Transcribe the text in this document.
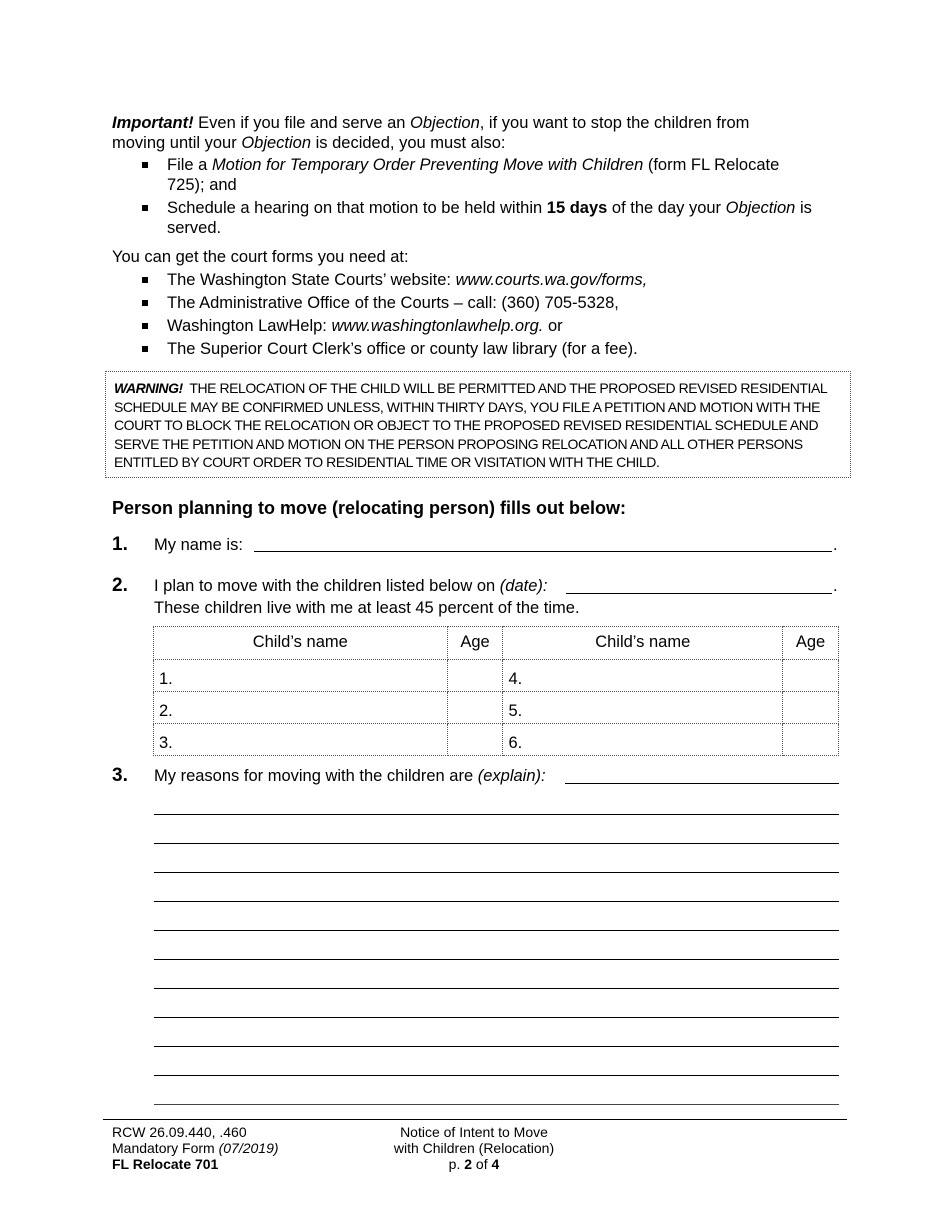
Important! Even if you file and serve an Objection, if you want to stop the children from
moving until your Objection is decided, you must also:
File a Motion for Temporary Order Preventing Move with Children (form FL Relocate
725); and
Schedule a hearing on that motion to be held within 15 days of the day your Objection is
served.
You can get the court forms you need at:
The Washington State Courts’ website: www.courts.wa.gov/forms,
The Administrative Office of the Courts – call: (360) 705-5328,
Washington LawHelp: www.washingtonlawhelp.org. or
The Superior Court Clerk’s office or county law library (for a fee).
WARNING! THE RELOCATION OF THE CHILD WILL BE PERMITTED AND THE PROPOSED REVISED RESIDENTIAL SCHEDULE MAY BE CONFIRMED UNLESS, WITHIN THIRTY DAYS, YOU FILE A PETITION AND MOTION WITH THE COURT TO BLOCK THE RELOCATION OR OBJECT TO THE PROPOSED REVISED RESIDENTIAL SCHEDULE AND SERVE THE PETITION AND MOTION ON THE PERSON PROPOSING RELOCATION AND ALL OTHER PERSONS ENTITLED BY COURT ORDER TO RESIDENTIAL TIME OR VISITATION WITH THE CHILD.
Person planning to move (relocating person) fills out below:
1. My name is:	.
2. I plan to move with the children listed below on (date):	.
These children live with me at least 45 percent of the time.
Child’s name	Age	Child’s name	Age
1.		4.	
2.		5.	
3.		6.	
3. My reasons for moving with the children are (explain):
RCW 26.09.440, .460
Mandatory Form (07/2019)
FL Relocate 701
Notice of Intent to Move
with Children (Relocation)
p. 2 of 4
